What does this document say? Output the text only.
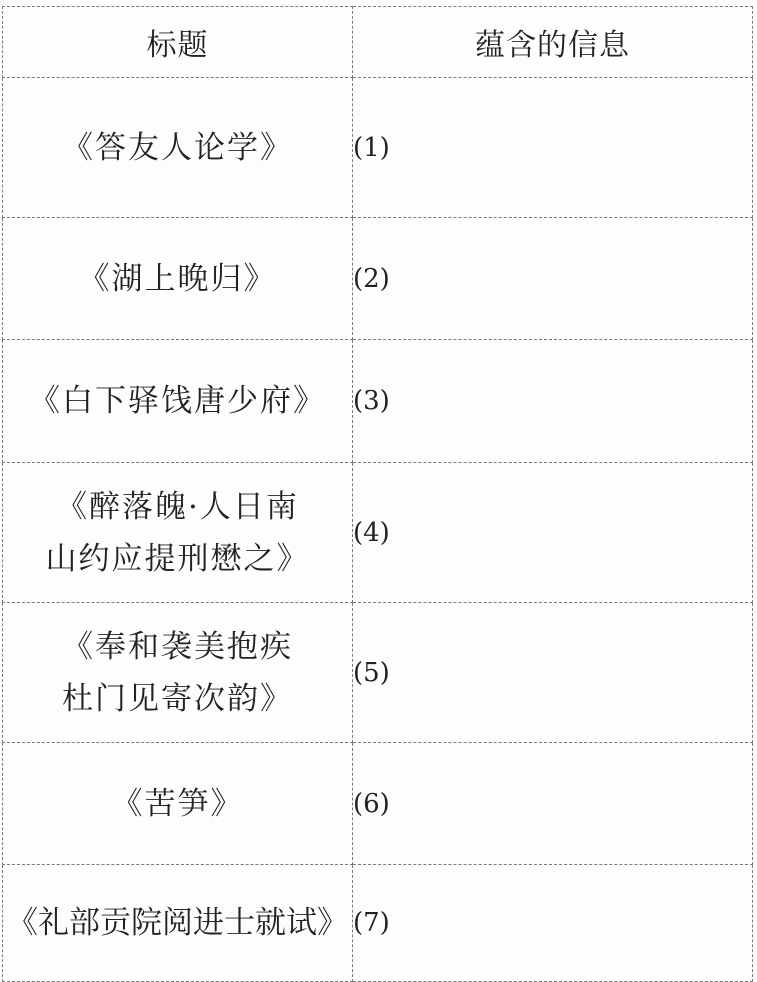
标题	蕴含的信息

《答友人论学》	(1)

《湖上晚归》	(2)

《白下驿饯唐少府》	(3)

《醉落魄·人日南
山约应提刑懋之》	(4)

《奉和袭美抱疾
杜门见寄次韵》	(5)

《苦笋》	(6)

《礼部贡院阅进士就试》	(7)
